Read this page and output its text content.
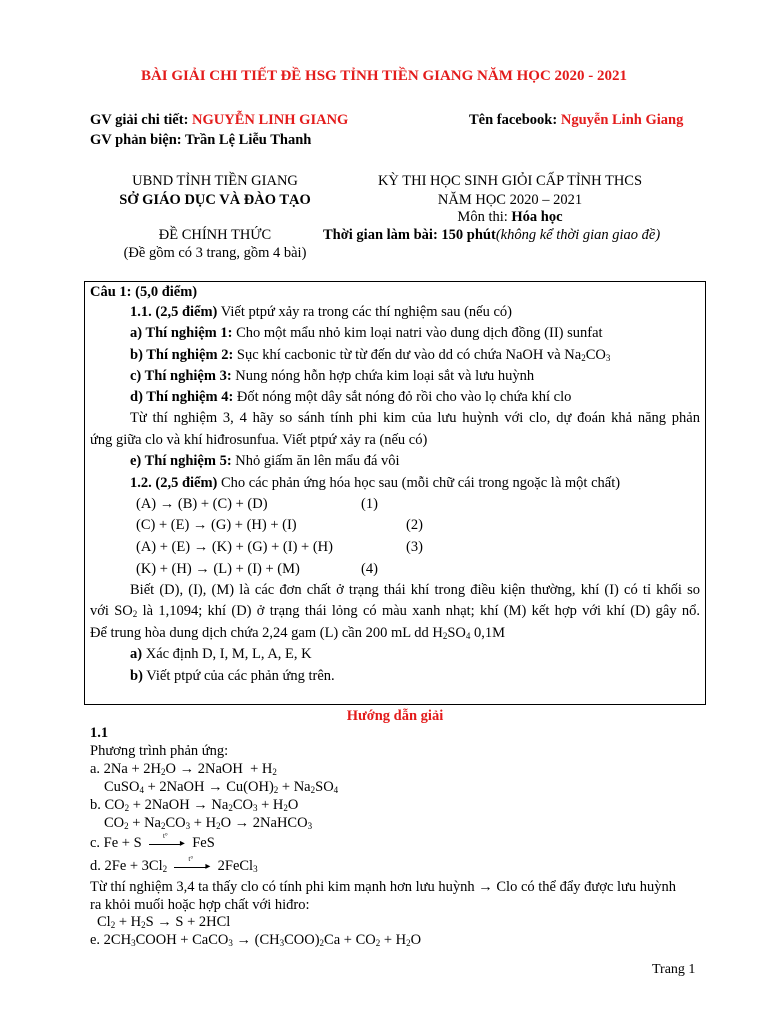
BÀI GIẢI CHI TIẾT ĐỀ HSG TỈNH TIỀN GIANG NĂM HỌC 2020 - 2021
GV giải chi tiết: NGUYỄN LINH GIANG	Tên facebook: Nguyễn Linh Giang
GV phản biện: Trần Lệ Liễu Thanh
UBND TỈNH TIỀN GIANG
SỞ GIÁO DỤC VÀ ĐÀO TẠO
ĐỀ CHÍNH THỨC
(Đề gồm có 3 trang, gồm 4 bài)
KỲ THI HỌC SINH GIỎI CẤP TỈNH THCS
NĂM HỌC 2020 – 2021
Môn thi: Hóa học
Thời gian làm bài: 150 phút(không kể thời gian giao đề)
Câu 1: (5,0 điểm)
1.1. (2,5 điểm) Viết ptpứ xảy ra trong các thí nghiệm sau (nếu có)
a) Thí nghiệm 1: Cho một mẩu nhỏ kim loại natri vào dung dịch đồng (II) sunfat
b) Thí nghiệm 2: Sục khí cacbonic từ từ đến dư vào dd có chứa NaOH và $Na_2CO_3$
c) Thí nghiệm 3: Nung nóng hỗn hợp chứa kim loại sắt và lưu huỳnh
d) Thí nghiệm 4: Đốt nóng một dây sắt nóng đỏ rồi cho vào lọ chứa khí clo
Từ thí nghiệm 3, 4 hãy so sánh tính phi kim của lưu huỳnh với clo, dự đoán khả năng phản
ứng giữa clo và khí hiđrosunfua. Viết ptpứ xảy ra (nếu có)
e) Thí nghiệm 5: Nhỏ giấm ăn lên mẩu đá vôi
1.2. (2,5 điểm) Cho các phản ứng hóa học sau (mỗi chữ cái trong ngoặc là một chất)
(A) → (B) + (C) + (D)	(1)
(C) + (E) → (G) + (H) + (I)	(2)
(A) + (E) → (K) + (G) + (I) + (H)	(3)
(K) + (H) → (L) + (I) + (M)	(4)
Biết (D), (I), (M) là các đơn chất ở trạng thái khí trong điều kiện thường, khí (I) có tỉ khối so
với $SO_2$ là 1,1094; khí (D) ở trạng thái lỏng có màu xanh nhạt; khí (M) kết hợp với khí (D) gây nổ.
Để trung hòa dung dịch chứa 2,24 gam (L) cần 200 mL dd $H_2SO_4$ 0,1M
a) Xác định D, I, M, L, A, E, K
b) Viết ptpứ của các phản ứng trên.
Hướng dẫn giải
1.1
Phương trình phản ứng:
a. $2Na + 2H_2O$ → 2NaOH  + $H_2$
CuSO$_4$ + 2NaOH → $Cu(OH)_2 + Na_2SO_4$
b. $CO_2$ + 2NaOH → $Na_2CO_3 + H_2O$
$CO_2 + Na_2CO_3 + H_2O$ → 2NaHCO$_3$
c. Fe + S t°
▸ FeS
d. $2Fe + 3Cl_2$
t°
▸ 2FeCl$_3$
Từ thí nghiệm 3,4 ta thấy clo có tính phi kim mạnh hơn lưu huỳnh → Clo có thể đẩy được lưu huỳnh
ra khỏi muối hoặc hợp chất với hiđro:
$Cl_2 + H_2S \to S + 2HCl$
e. $2CH_3COOH$ + CaCO$_3$ → $(CH_3COO)_2Ca + CO_2 + H_2O$
Trang 1
